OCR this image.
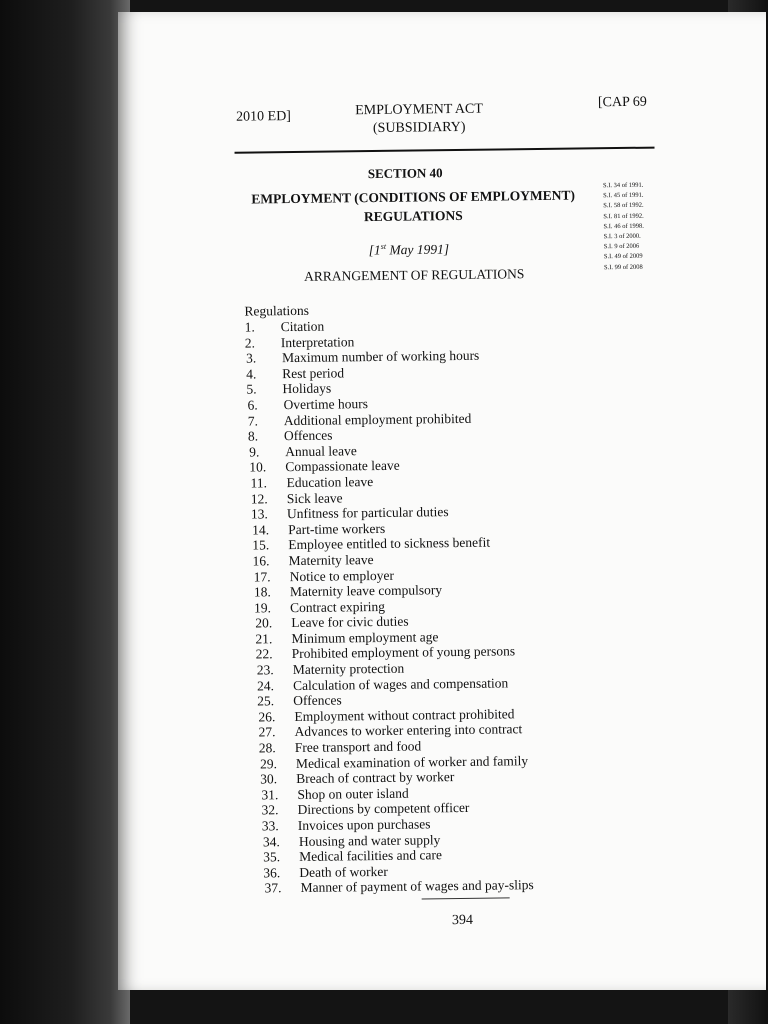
2010 ED]	EMPLOYMENT ACT
(SUBSIDIARY)
[CAP 69
SECTION 40
EMPLOYMENT (CONDITIONS OF EMPLOYMENT) REGULATIONS
[1st May 1991]
ARRANGEMENT OF REGULATIONS
S.I. 34 of 1991.
S.I. 45 of 1991.
S.I. 58 of 1992.
S.I. 81 of 1992.
S.I. 46 of 1998.
S.I. 3 of 2000.
S.I. 9 of 2006
S.I. 49 of 2009
S.I. 99 of 2008
Regulations
1.	Citation
2.	Interpretation
3.	Maximum number of working hours
4.	Rest period
5.	Holidays
6.	Overtime hours
7.	Additional employment prohibited
8.	Offences
9.	Annual leave
10.	Compassionate leave
11.	Education leave
12.	Sick leave
13.	Unfitness for particular duties
14.	Part-time workers
15.	Employee entitled to sickness benefit
16.	Maternity leave
17.	Notice to employer
18.	Maternity leave compulsory
19.	Contract expiring
20.	Leave for civic duties
21.	Minimum employment age
22.	Prohibited employment of young persons
23.	Maternity protection
24.	Calculation of wages and compensation
25.	Offences
26.	Employment without contract prohibited
27.	Advances to worker entering into contract
28.	Free transport and food
29.	Medical examination of worker and family
30.	Breach of contract by worker
31.	Shop on outer island
32.	Directions by competent officer
33.	Invoices upon purchases
34.	Housing and water supply
35.	Medical facilities and care
36.	Death of worker
37.	Manner of payment of wages and pay-slips
394
